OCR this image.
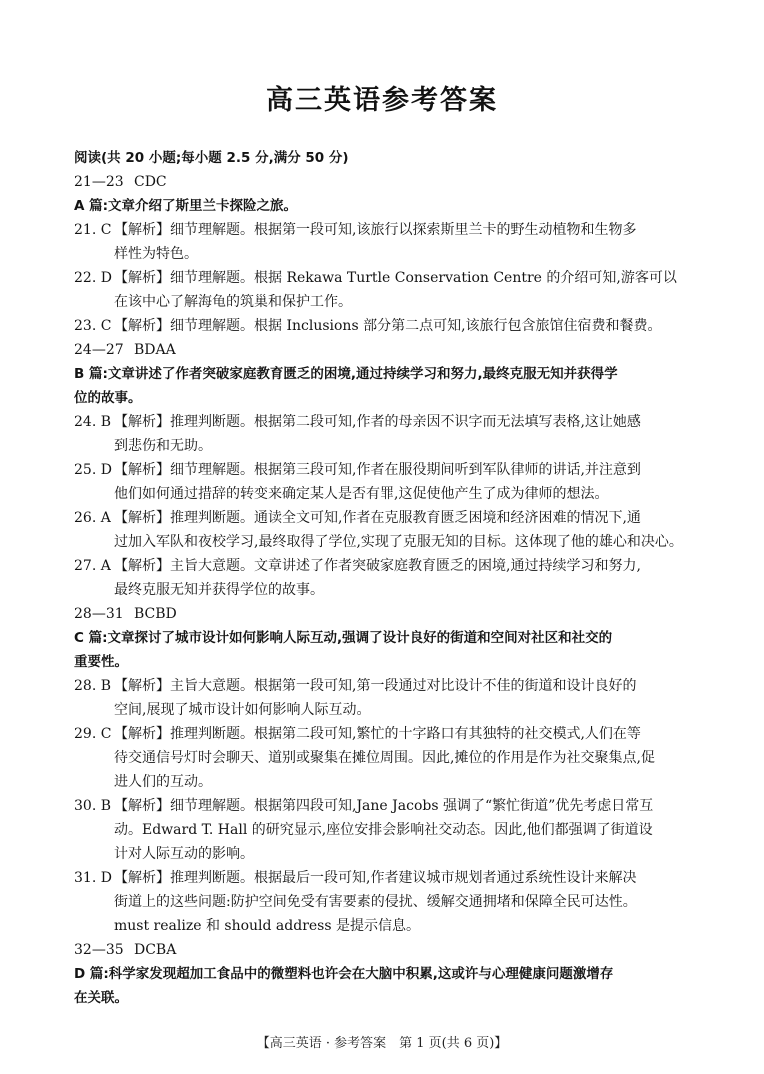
高三英语参考答案
阅读(共 20 小题;每小题 2.5 分,满分 50 分)
21—23 CDC
A 篇:文章介绍了斯里兰卡探险之旅。
21. C 【解析】细节理解题。根据第一段可知,该旅行以探索斯里兰卡的野生动植物和生物多
样性为特色。
22. D 【解析】细节理解题。根据 Rekawa Turtle Conservation Centre 的介绍可知,游客可以
在该中心了解海龟的筑巢和保护工作。
23. C 【解析】细节理解题。根据 Inclusions 部分第二点可知,该旅行包含旅馆住宿费和餐费。
24—27 BDAA
B 篇:文章讲述了作者突破家庭教育匮乏的困境,通过持续学习和努力,最终克服无知并获得学
位的故事。
24. B 【解析】推理判断题。根据第二段可知,作者的母亲因不识字而无法填写表格,这让她感
到悲伤和无助。
25. D 【解析】细节理解题。根据第三段可知,作者在服役期间听到军队律师的讲话,并注意到
他们如何通过措辞的转变来确定某人是否有罪,这促使他产生了成为律师的想法。
26. A 【解析】推理判断题。通读全文可知,作者在克服教育匮乏困境和经济困难的情况下,通
过加入军队和夜校学习,最终取得了学位,实现了克服无知的目标。这体现了他的雄心和决心。
27. A 【解析】主旨大意题。文章讲述了作者突破家庭教育匮乏的困境,通过持续学习和努力,
最终克服无知并获得学位的故事。
28—31 BCBD
C 篇:文章探讨了城市设计如何影响人际互动,强调了设计良好的街道和空间对社区和社交的
重要性。
28. B 【解析】主旨大意题。根据第一段可知,第一段通过对比设计不佳的街道和设计良好的
空间,展现了城市设计如何影响人际互动。
29. C 【解析】推理判断题。根据第二段可知,繁忙的十字路口有其独特的社交模式,人们在等
待交通信号灯时会聊天、道别或聚集在摊位周围。因此,摊位的作用是作为社交聚集点,促
进人们的互动。
30. B 【解析】细节理解题。根据第四段可知,Jane Jacobs 强调了“繁忙街道”优先考虑日常互
动。Edward T. Hall 的研究显示,座位安排会影响社交动态。因此,他们都强调了街道设
计对人际互动的影响。
31. D 【解析】推理判断题。根据最后一段可知,作者建议城市规划者通过系统性设计来解决
街道上的这些问题:防护空间免受有害要素的侵扰、缓解交通拥堵和保障全民可达性。
must realize 和 should address 是提示信息。
32—35 DCBA
D 篇:科学家发现超加工食品中的微塑料也许会在大脑中积累,这或许与心理健康问题激增存
在关联。
【高三英语 · 参考答案　第 1 页(共 6 页)】
